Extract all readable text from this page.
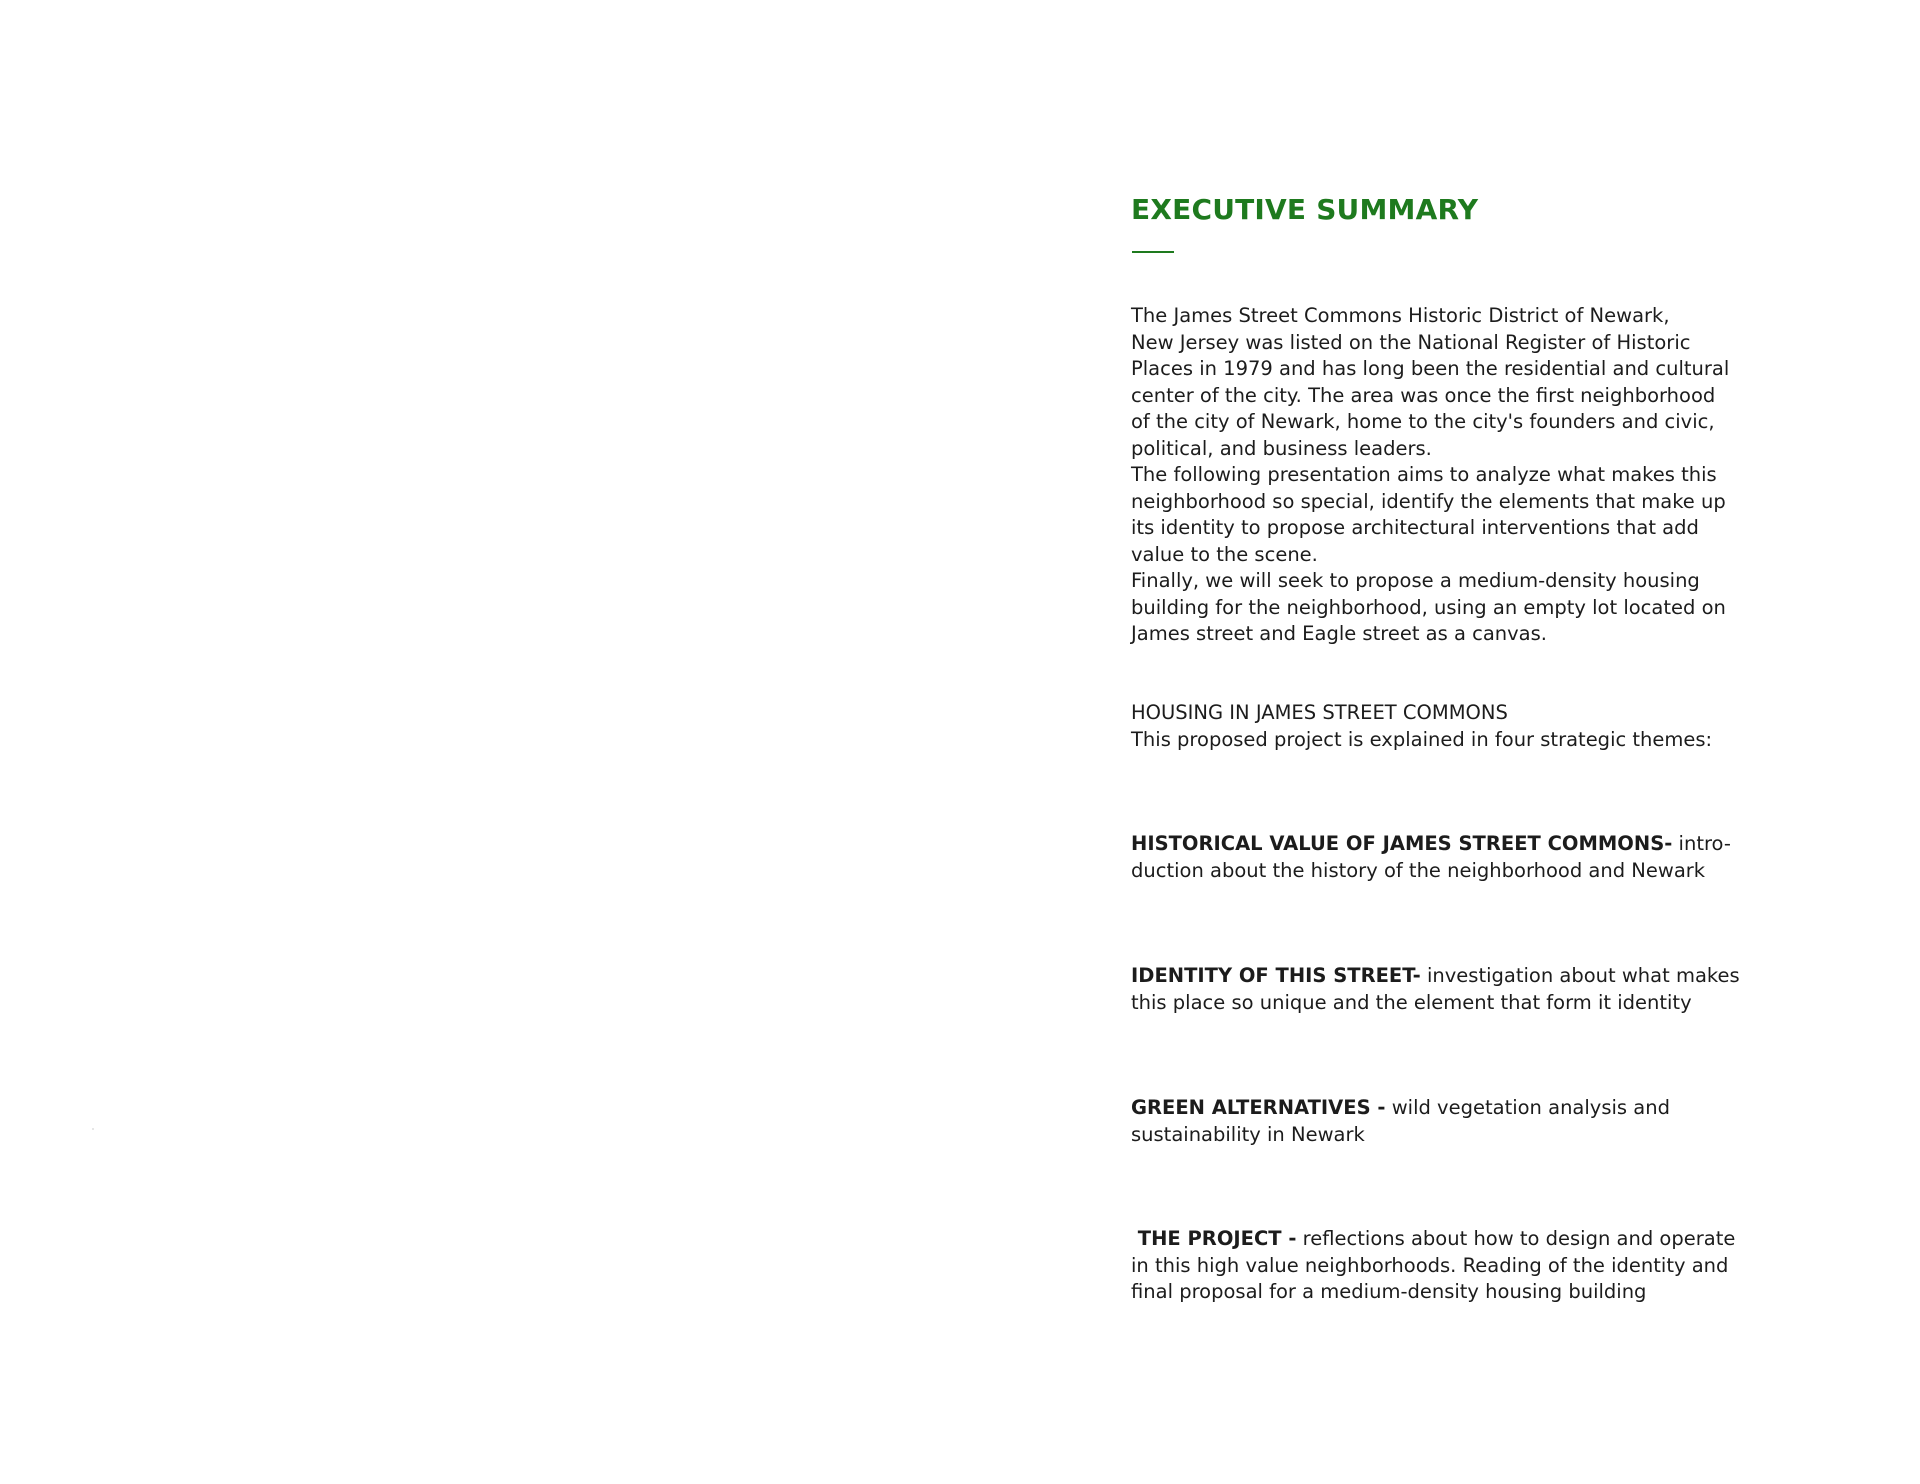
EXECUTIVE SUMMARY

The James Street Commons Historic District of Newark,
New Jersey was listed on the National Register of Historic
Places in 1979 and has long been the residential and cultural
center of the city. The area was once the first neighborhood
of the city of Newark, home to the city's founders and civic,
political, and business leaders.
The following presentation aims to analyze what makes this
neighborhood so special, identify the elements that make up
its identity to propose architectural interventions that add
value to the scene.
Finally, we will seek to propose a medium-density housing
building for the neighborhood, using an empty lot located on
James street and Eagle street as a canvas.

HOUSING IN JAMES STREET COMMONS
This proposed project is explained in four strategic themes:

HISTORICAL VALUE OF JAMES STREET COMMONS- intro-
duction about the history of the neighborhood and Newark

IDENTITY OF THIS STREET- investigation about what makes
this place so unique and the element that form it identity

GREEN ALTERNATIVES - wild vegetation analysis and
sustainability in Newark

THE PROJECT - reflections about how to design and operate
in this high value neighborhoods. Reading of the identity and
final proposal for a medium-density housing building
